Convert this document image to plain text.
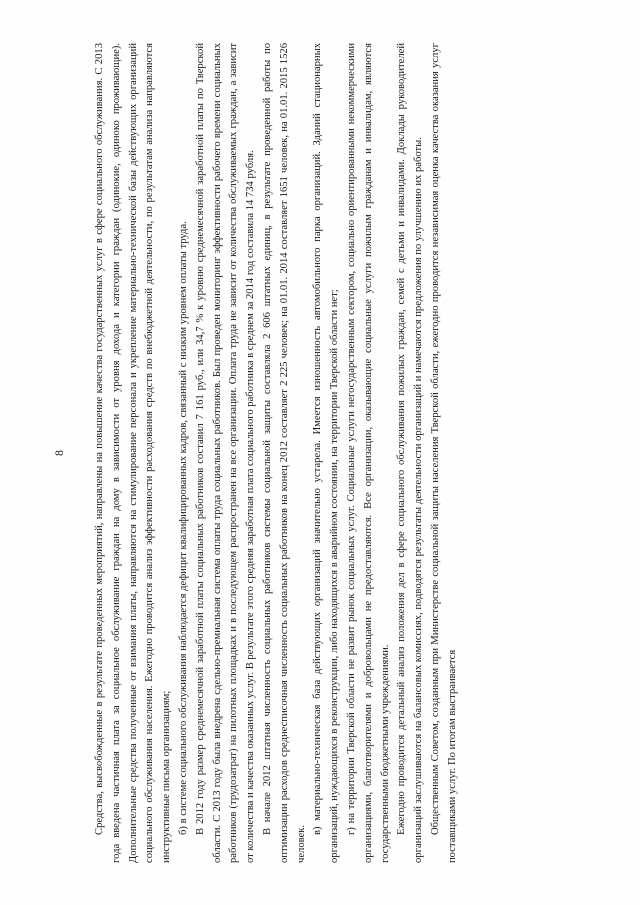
8	Средства, высвобожденные в результате проведенных мероприятий, направлены на повышение качества государственных услуг в сфере социального обслуживания. С 2013 года введена частичная плата за социальное обслуживание граждан на дому в зависимости от уровня дохода и категории граждан (одинокие, одиноко проживающие). Дополнительные средства полученные от взимания платы, направляются на стимулирование персонала и укрепление материально-технической базы действующих организаций социального обслуживания населения. Ежегодно проводится анализ эффективности расходования средств по внебюджетной деятельности, по результатам анализа направляются инструктивные письма организациям; б) в системе социального обслуживания наблюдается дефицит квалифицированных кадров, связанный с низким уровнем оплаты труда. В 2012 году размер среднемесячной заработной платы социальных работников составил 7 161 руб., или 34,7 % к уровню среднемесячной заработной платы по Тверской области. С 2013 году была внедрена сдельно-премиальная система оплаты труда социальных работников. Был проведен мониторинг эффективности рабочего времени социальных работников (трудозатрат) на пилотных площадках и в последующем распространен на все организации. Оплата труда не зависит от количества обслуживаемых граждан, а зависит от количества и качества оказанных услуг. В результате этого средняя заработная плата социального работника в среднем за 2014 год составила 14 734 рубля. В начале 2012 штатная численность социальных работников системы социальной защиты составляла 2 606 штатных единиц, в результате проведенной работы по оптимизации расходов среднесписочная численность социальных работников на конец 2012 составляет 2 225 человек; на 01.01. 2014 составляет 1651 человек, на 01.01. 2015 1526 человек.

в) материально-техническая база действующих организаций значительно устарела. Имеется изношенность автомобильного парка организаций. Зданий стационарных организаций, нуждающихся в реконструкции, либо находящихся в аварийном состоянии, на территории Тверской области нет; г) на территории Тверской области не развит рынок социальных услуг. Социальные услуги негосударственным сектором, социально ориентированными некоммерческими организациями, благотворителями и добровольцами не предоставляются. Все организации, оказывающие социальные услуги пожилым гражданам и инвалидам, являются государственными бюджетными учреждениями. Ежегодно проводится детальный анализ положения дел в сфере социального обслуживания пожилых граждан, семей с детьми и инвалидами. Доклады руководителей организаций заслушиваются на балансовых комиссиях, подводятся результаты деятельности организаций и намечаются предложения по улучшению их работы. Общественным Советом, созданным при Министерстве социальной защиты населения Тверской области, ежегодно проводится независимая оценка качества оказания услуг поставщиками услуг. По итогам выстраивается
